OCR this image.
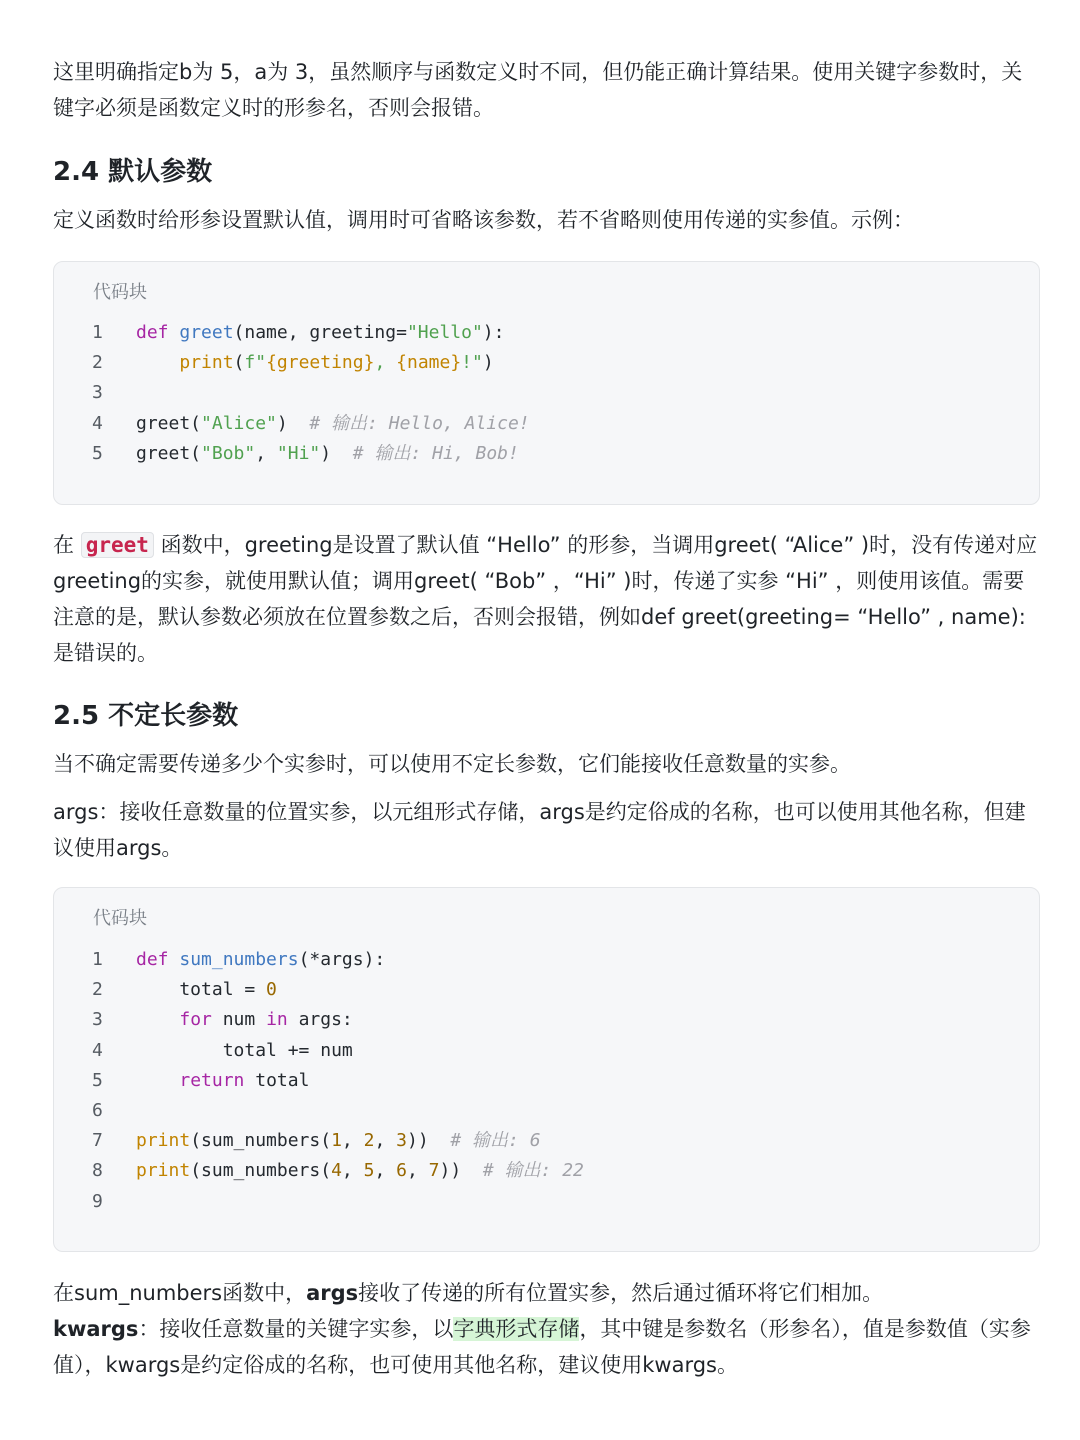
这里明确指定b为 5，a为 3，虽然顺序与函数定义时不同，但仍能正确计算结果。使用关键字参数时，关键字必须是函数定义时的形参名，否则会报错。
2.4 默认参数
定义函数时给形参设置默认值，调用时可省略该参数，若不省略则使用传递的实参值。示例：
代码块
1	def greet(name, greeting="Hello"):
2	print(f"{greeting}, {name}!")
3
4	greet("Alice")  # 输出: Hello, Alice!
5	greet("Bob", "Hi")  # 输出: Hi, Bob!
在 greet 函数中，greeting是设置了默认值 “Hello” 的形参，当调用greet( “Alice” )时，没有传递对应greeting的实参，就使用默认值；调用greet( “Bob” ，“Hi” )时，传递了实参 “Hi” ，则使用该值。需要注意的是，默认参数必须放在位置参数之后，否则会报错，例如def greet(greeting= “Hello” , name):是错误的。
2.5 不定长参数
当不确定需要传递多少个实参时，可以使用不定长参数，它们能接收任意数量的实参。
args：接收任意数量的位置实参，以元组形式存储，args是约定俗成的名称，也可以使用其他名称，但建议使用args。
代码块
1	def sum_numbers(*args):
2	total = 0
3	for num in args:
4	total += num
5	return total
6
7	print(sum_numbers(1, 2, 3))  # 输出: 6
8	print(sum_numbers(4, 5, 6, 7))  # 输出: 22
9
在sum_numbers函数中，args接收了传递的所有位置实参，然后通过循环将它们相加。
kwargs：接收任意数量的关键字实参，以字典形式存储，其中键是参数名（形参名），值是参数值（实参值），kwargs是约定俗成的名称，也可使用其他名称，建议使用kwargs。
